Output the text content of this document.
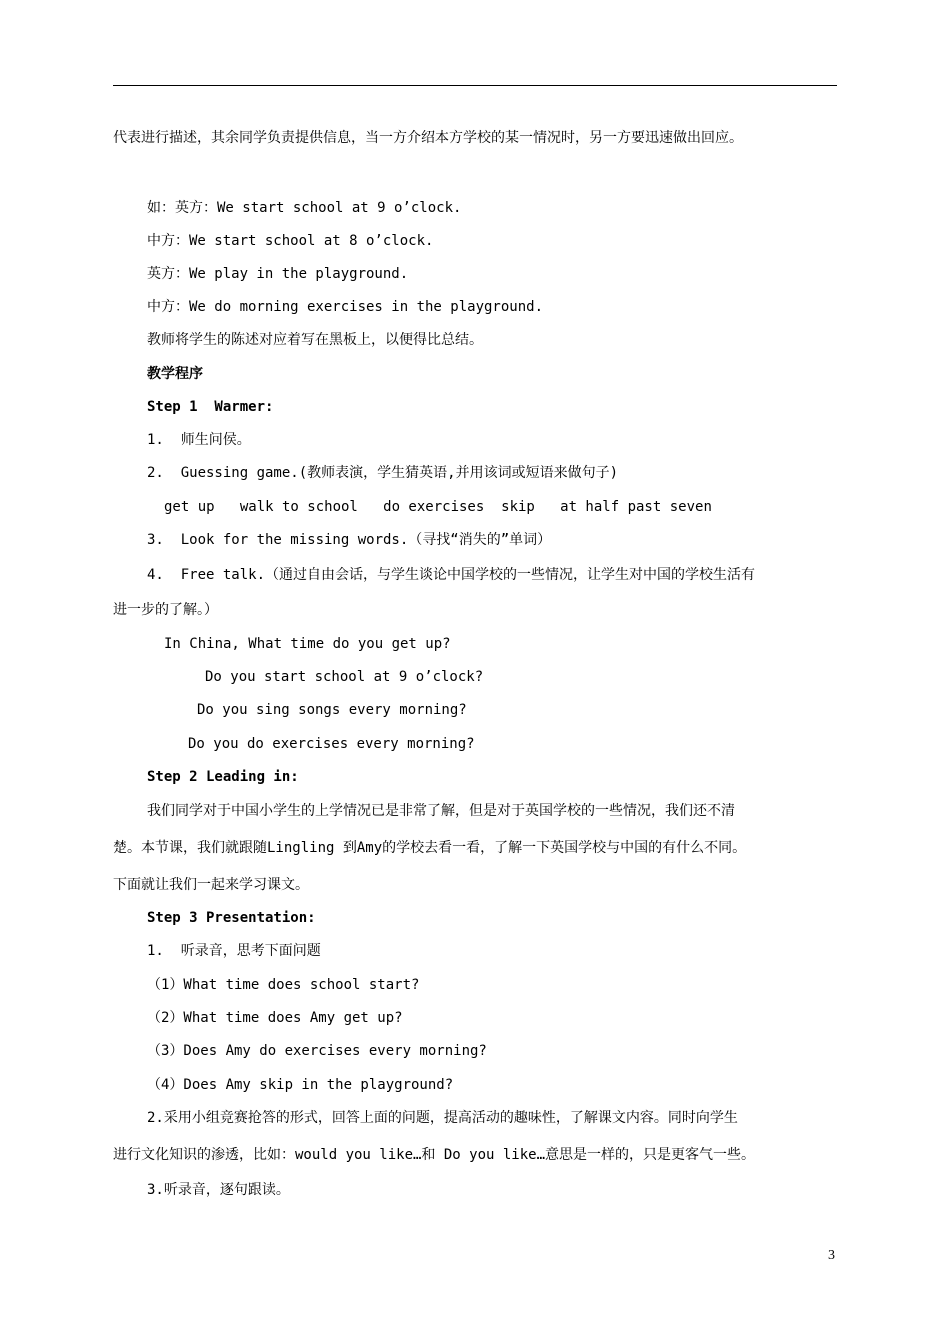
代表进行描述，其余同学负责提供信息，当一方介绍本方学校的某一情况时，另一方要迅速做出回应。
如：英方：We start school at 9 o’clock.
中方：We start school at 8 o’clock.
英方：We play in the playground.
中方：We do morning exercises in the playground.
教师将学生的陈述对应着写在黑板上，以便得比总结。
教学程序
Step 1  Warmer:
1.  师生问侯。
2.  Guessing game.(教师表演，学生猜英语,并用该词或短语来做句子)
get up   walk to school   do exercises  skip   at half past seven
3.  Look for the missing words.（寻找“消失的”单词）
4.  Free talk.（通过自由会话，与学生谈论中国学校的一些情况，让学生对中国的学校生活有
进一步的了解。）
In China, What time do you get up?
Do you start school at 9 o’clock?
Do you sing songs every morning?
Do you do exercises every morning?
Step 2 Leading in:
我们同学对于中国小学生的上学情况已是非常了解，但是对于英国学校的一些情况，我们还不清
楚。本节课，我们就跟随Lingling 到Amy的学校去看一看，了解一下英国学校与中国的有什么不同。
下面就让我们一起来学习课文。
Step 3 Presentation:
1.  听录音，思考下面问题
（1）What time does school start?
（2）What time does Amy get up?
（3）Does Amy do exercises every morning?
（4）Does Amy skip in the playground?
2.采用小组竞赛抢答的形式，回答上面的问题，提高活动的趣味性，了解课文内容。同时向学生
进行文化知识的渗透，比如：would you like…和 Do you like…意思是一样的，只是更客气一些。
3.听录音，逐句跟读。
3
